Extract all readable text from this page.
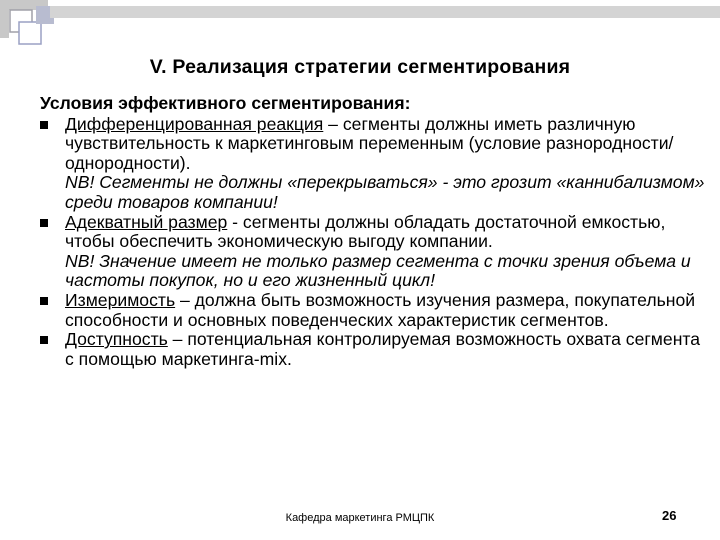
V. Реализация стратегии сегментирования
Условия эффективного сегментирования:
Дифференцированная реакция – сегменты должны иметь различную чувствительность к маркетинговым переменным (условие разнородности/однородности).
NB! Сегменты не должны «перекрываться» - это грозит «каннибализмом» среди товаров компании!
Адекватный размер - сегменты должны обладать достаточной емкостью, чтобы обеспечить экономическую выгоду компании.
NB! Значение имеет не только размер сегмента с точки зрения объема и частоты покупок, но и его жизненный цикл!
Измеримость – должна быть возможность изучения размера, покупательной способности и основных поведенческих характеристик сегментов.
Доступность – потенциальная контролируемая возможность охвата сегмента с помощью маркетинга-mix.
Кафедра маркетинга РМЦПК	26
